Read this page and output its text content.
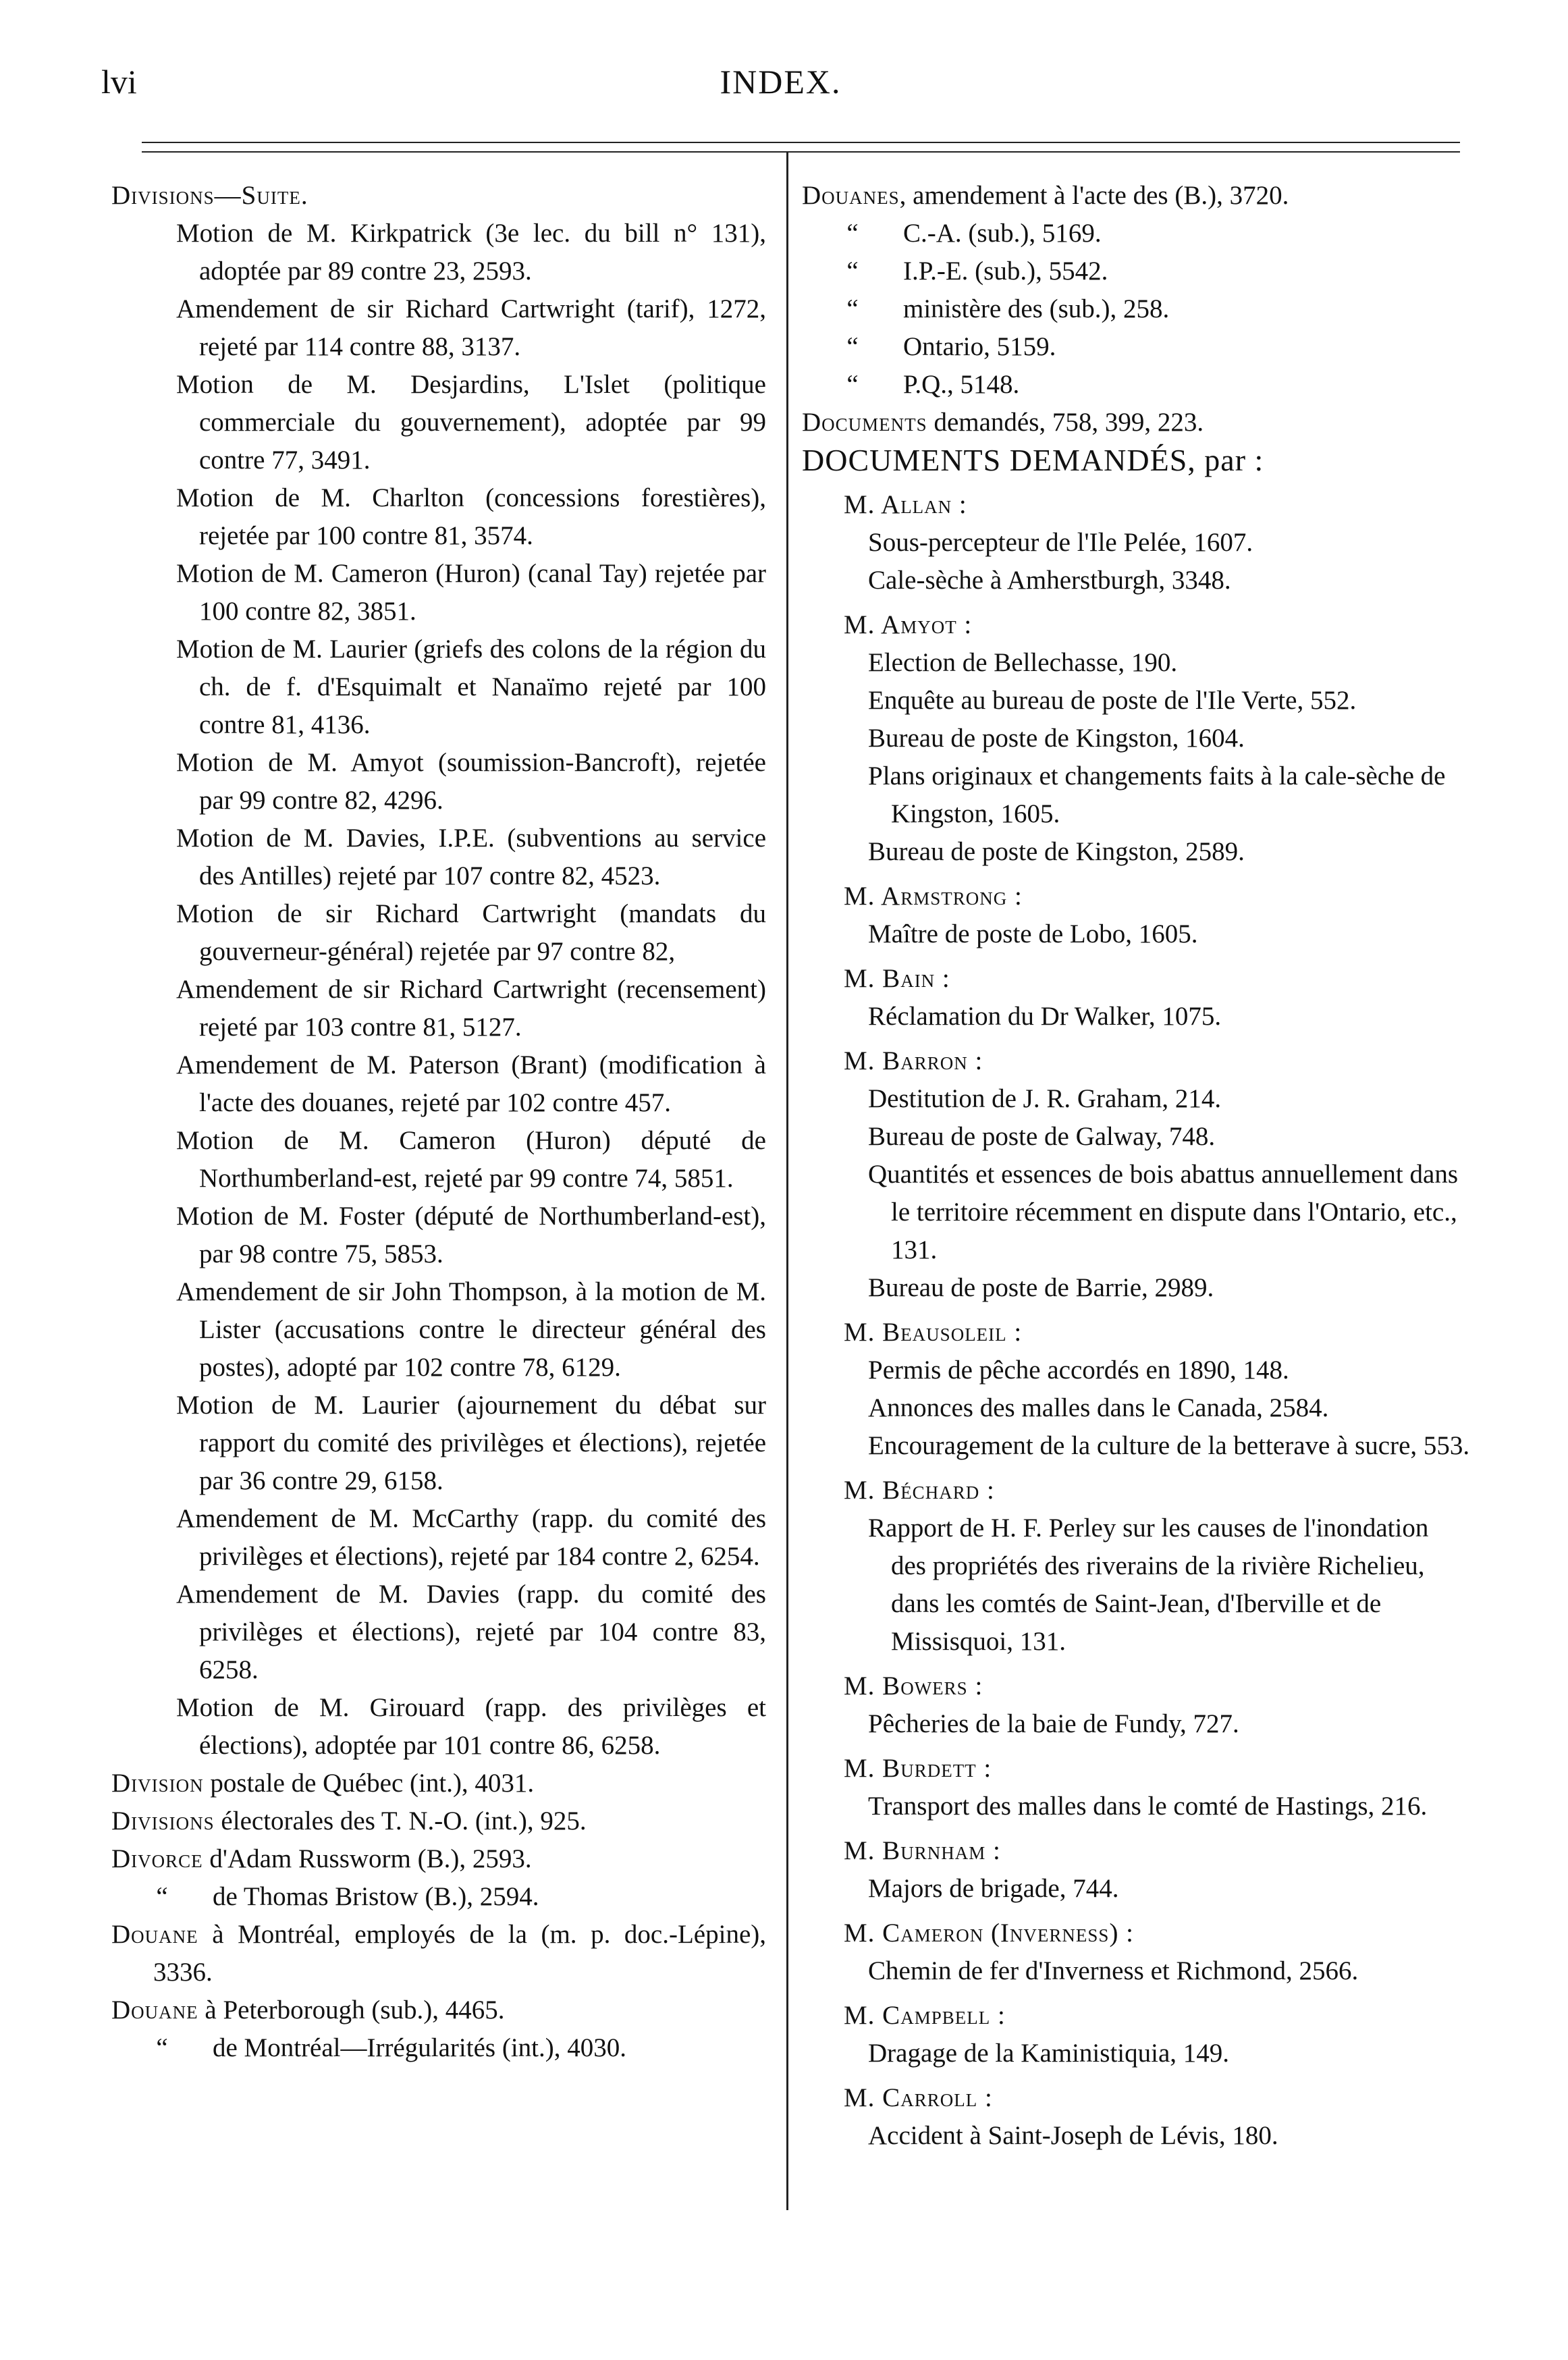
lvi	INDEX.
Divisions—Suite.
Motion de M. Kirkpatrick (3e lec. du bill n° 131), adoptée par 89 contre 23, 2593.
Amendement de sir Richard Cartwright (tarif), 1272, rejeté par 114 contre 88, 3137.
Motion de M. Desjardins, L'Islet (politique commerciale du gouvernement), adoptée par 99 contre 77, 3491.
Motion de M. Charlton (concessions forestières), rejetée par 100 contre 81, 3574.
Motion de M. Cameron (Huron) (canal Tay) rejetée par 100 contre 82, 3851.
Motion de M. Laurier (griefs des colons de la région du ch. de f. d'Esquimalt et Nanaïmo rejeté par 100 contre 81, 4136.
Motion de M. Amyot (soumission-Bancroft), rejetée par 99 contre 82, 4296.
Motion de M. Davies, I.P.E. (subventions au service des Antilles) rejeté par 107 contre 82, 4523.
Motion de sir Richard Cartwright (mandats du gouverneur-général) rejetée par 97 contre 82,
Amendement de sir Richard Cartwright (recensement) rejeté par 103 contre 81, 5127.
Amendement de M. Paterson (Brant) (modification à l'acte des douanes, rejeté par 102 contre 457.
Motion de M. Cameron (Huron) député de Northumberland-est, rejeté par 99 contre 74, 5851.
Motion de M. Foster (député de Northumberland-est), par 98 contre 75, 5853.
Amendement de sir John Thompson, à la motion de M. Lister (accusations contre le directeur général des postes), adopté par 102 contre 78, 6129.
Motion de M. Laurier (ajournement du débat sur rapport du comité des privilèges et élections), rejetée par 36 contre 29, 6158.
Amendement de M. McCarthy (rapp. du comité des privilèges et élections), rejeté par 184 contre 2, 6254.
Amendement de M. Davies (rapp. du comité des privilèges et élections), rejeté par 104 contre 83, 6258.
Motion de M. Girouard (rapp. des privilèges et élections), adoptée par 101 contre 86, 6258.
Division postale de Québec (int.), 4031.
Divisions électorales des T. N.-O. (int.), 925.
Divorce d'Adam Russworm (B.), 2593.
“ de Thomas Bristow (B.), 2594.
Douane à Montréal, employés de la (m. p. doc.-Lépine), 3336.
Douane à Peterborough (sub.), 4465.
“ de Montréal—Irrégularités (int.), 4030.
Douanes, amendement à l'acte des (B.), 3720.
“ C.-A. (sub.), 5169.
“ I.P.-E. (sub.), 5542.
“ ministère des (sub.), 258.
“ Ontario, 5159.
“ P.Q., 5148.
Documents demandés, 758, 399, 223.
DOCUMENTS DEMANDÉS, par :
M. Allan :
Sous-percepteur de l'Ile Pelée, 1607.
Cale-sèche à Amherstburgh, 3348.
M. Amyot :
Election de Bellechasse, 190.
Enquête au bureau de poste de l'Ile Verte, 552.
Bureau de poste de Kingston, 1604.
Plans originaux et changements faits à la cale-sèche de Kingston, 1605.
Bureau de poste de Kingston, 2589.
M. Armstrong :
Maître de poste de Lobo, 1605.
M. Bain :
Réclamation du Dr Walker, 1075.
M. Barron :
Destitution de J. R. Graham, 214.
Bureau de poste de Galway, 748.
Quantités et essences de bois abattus annuellement dans le territoire récemment en dispute dans l'Ontario, etc., 131.
Bureau de poste de Barrie, 2989.
M. Beausoleil :
Permis de pêche accordés en 1890, 148.
Annonces des malles dans le Canada, 2584.
Encouragement de la culture de la betterave à sucre, 553.
M. Béchard :
Rapport de H. F. Perley sur les causes de l'inondation des propriétés des riverains de la rivière Richelieu, dans les comtés de Saint-Jean, d'Iberville et de Missisquoi, 131.
M. Bowers :
Pêcheries de la baie de Fundy, 727.
M. Burdett :
Transport des malles dans le comté de Hastings, 216.
M. Burnham :
Majors de brigade, 744.
M. Cameron (Inverness) :
Chemin de fer d'Inverness et Richmond, 2566.
M. Campbell :
Dragage de la Kaministiquia, 149.
M. Carroll :
Accident à Saint-Joseph de Lévis, 180.
